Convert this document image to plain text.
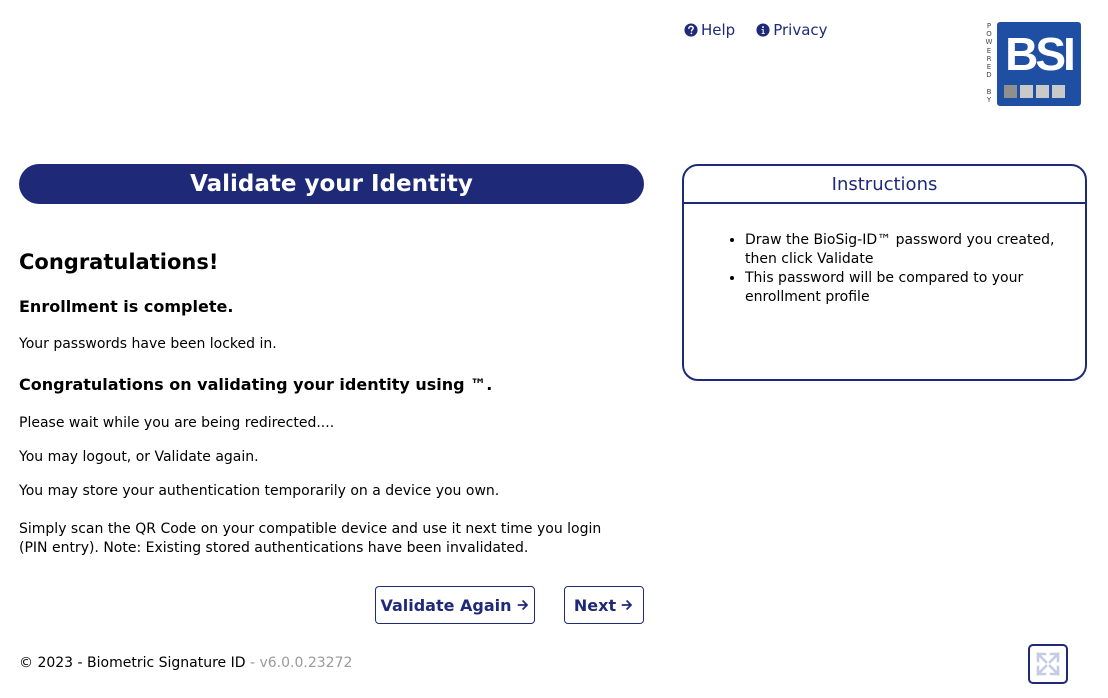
Help	Privacy	P
O
W
E
R
E
D

B
Y
BSI
Validate your Identity
Congratulations!
Enrollment is complete.

Your passwords have been locked in.

Congratulations on validating your identity using ™.

Please wait while you are being redirected....

You may logout, or Validate again.

You may store your authentication temporarily on a device you own.

Simply scan the QR Code on your compatible device and use it next time you login (PIN entry). Note: Existing stored authentications have been invalidated.

Validate Again	Next
© 2023 - Biometric Signature ID - v6.0.0.23272
Instructions
• Draw the BioSig-ID™ password you created, then click Validate
• This password will be compared to your enrollment profile
